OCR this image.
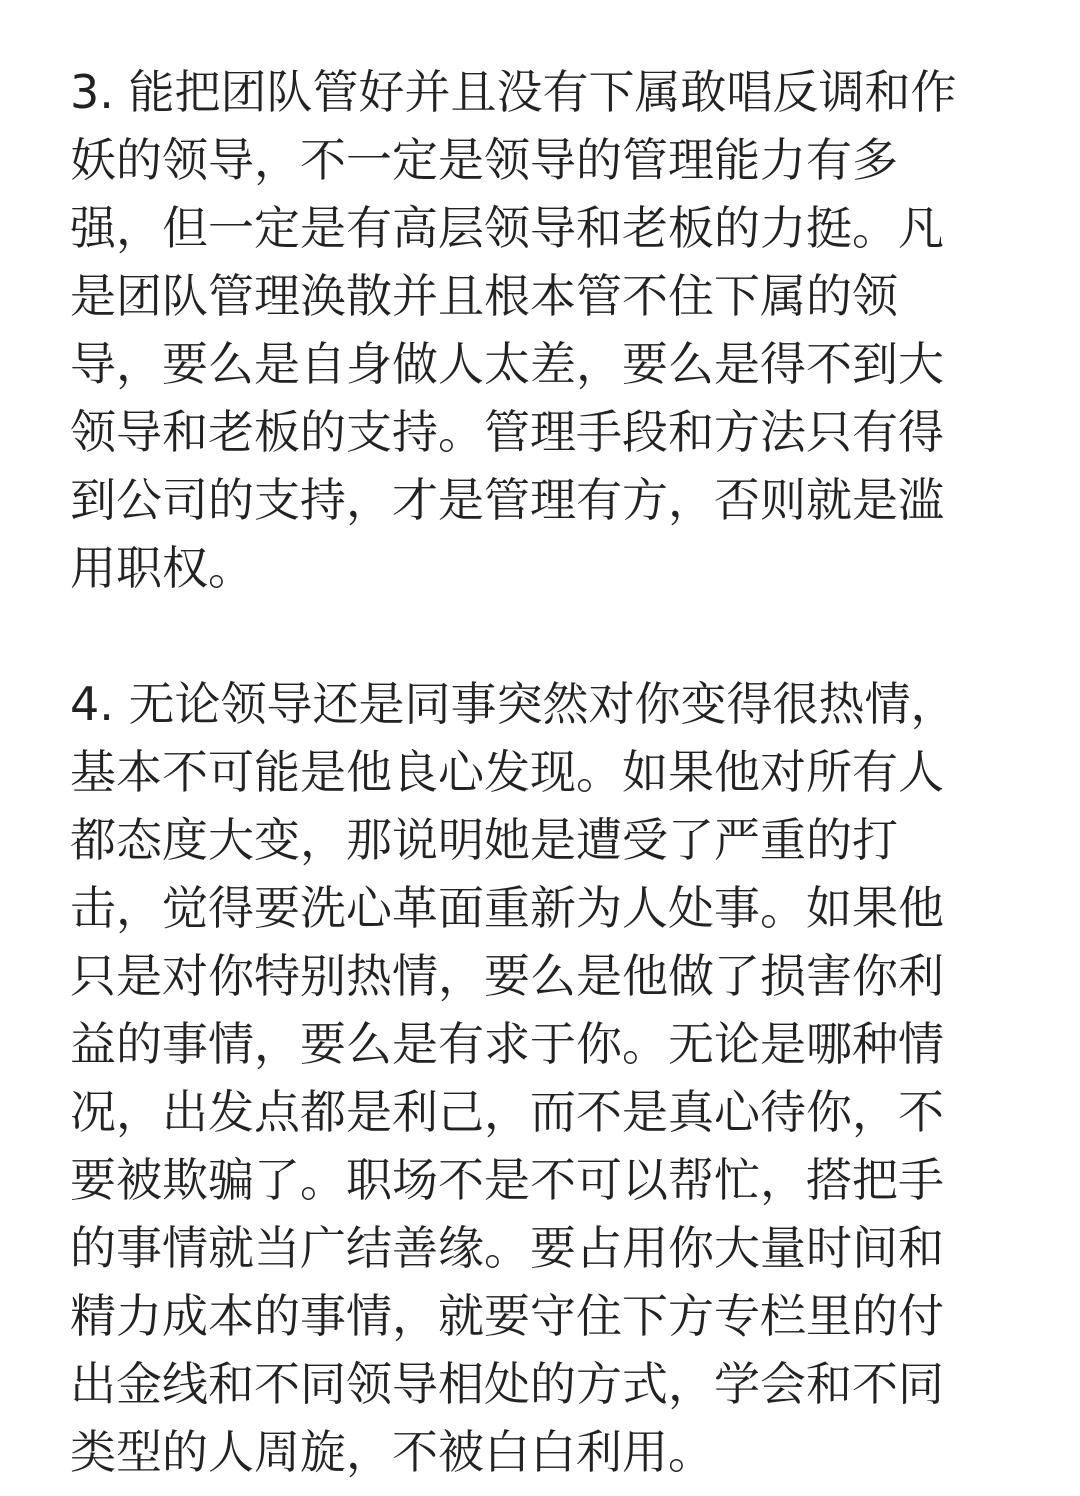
3. 能把团队管好并且没有下属敢唱反调和作
妖的领导，不一定是领导的管理能力有多
强，但一定是有高层领导和老板的力挺。凡
是团队管理涣散并且根本管不住下属的领
导，要么是自身做人太差，要么是得不到大
领导和老板的支持。管理手段和方法只有得
到公司的支持，才是管理有方，否则就是滥
用职权。

4. 无论领导还是同事突然对你变得很热情，
基本不可能是他良心发现。如果他对所有人
都态度大变，那说明她是遭受了严重的打
击，觉得要洗心革面重新为人处事。如果他
只是对你特别热情，要么是他做了损害你利
益的事情，要么是有求于你。无论是哪种情
况，出发点都是利己，而不是真心待你，不
要被欺骗了。职场不是不可以帮忙，搭把手
的事情就当广结善缘。要占用你大量时间和
精力成本的事情，就要守住下方专栏里的付
出金线和不同领导相处的方式，学会和不同
类型的人周旋，不被白白利用。
